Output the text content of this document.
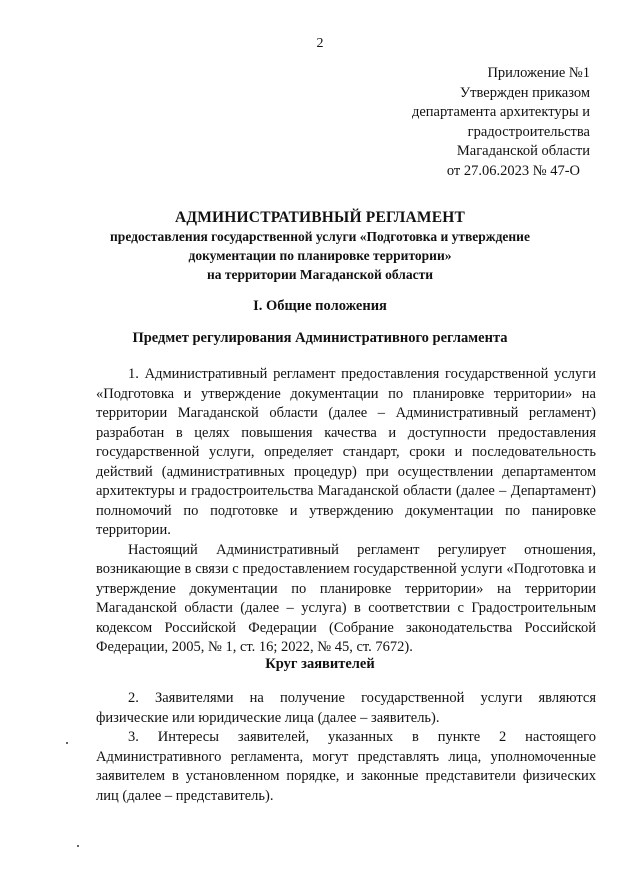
2
Приложение №1
Утвержден приказом
департамента архитектуры и
градостроительства
Магаданской области
от 27.06.2023 № 47-О
АДМИНИСТРАТИВНЫЙ РЕГЛАМЕНТ
предоставления государственной услуги «Подготовка и утверждение
документации по планировке территории»
на территории Магаданской области
I. Общие положения
Предмет регулирования Административного регламента

1. Административный регламент предоставления государственной услуги «Подготовка и утверждение документации по планировке территории» на территории Магаданской области (далее – Административный регламент) разработан в целях повышения качества и доступности предоставления государственной услуги, определяет стандарт, сроки и последовательность действий (административных процедур) при осуществлении департаментом архитектуры и градостроительства Магаданской области (далее – Департамент) полномочий по подготовке и утверждению документации по панировке территории.

Настоящий Административный регламент регулирует отношения, возникающие в связи с предоставлением государственной услуги «Подготовка и утверждение документации по планировке территории» на территории Магаданской области (далее – услуга) в соответствии с Градостроительным кодексом Российской Федерации (Собрание законодательства Российской Федерации, 2005, № 1, ст. 16; 2022, № 45, ст. 7672).

Круг заявителей

2. Заявителями на получение государственной услуги являются физические или юридические лица (далее – заявитель).

3. Интересы заявителей, указанных в пункте 2 настоящего Административного регламента, могут представлять лица, уполномоченные заявителем в установленном порядке, и законные представители физических лиц (далее – представитель).
